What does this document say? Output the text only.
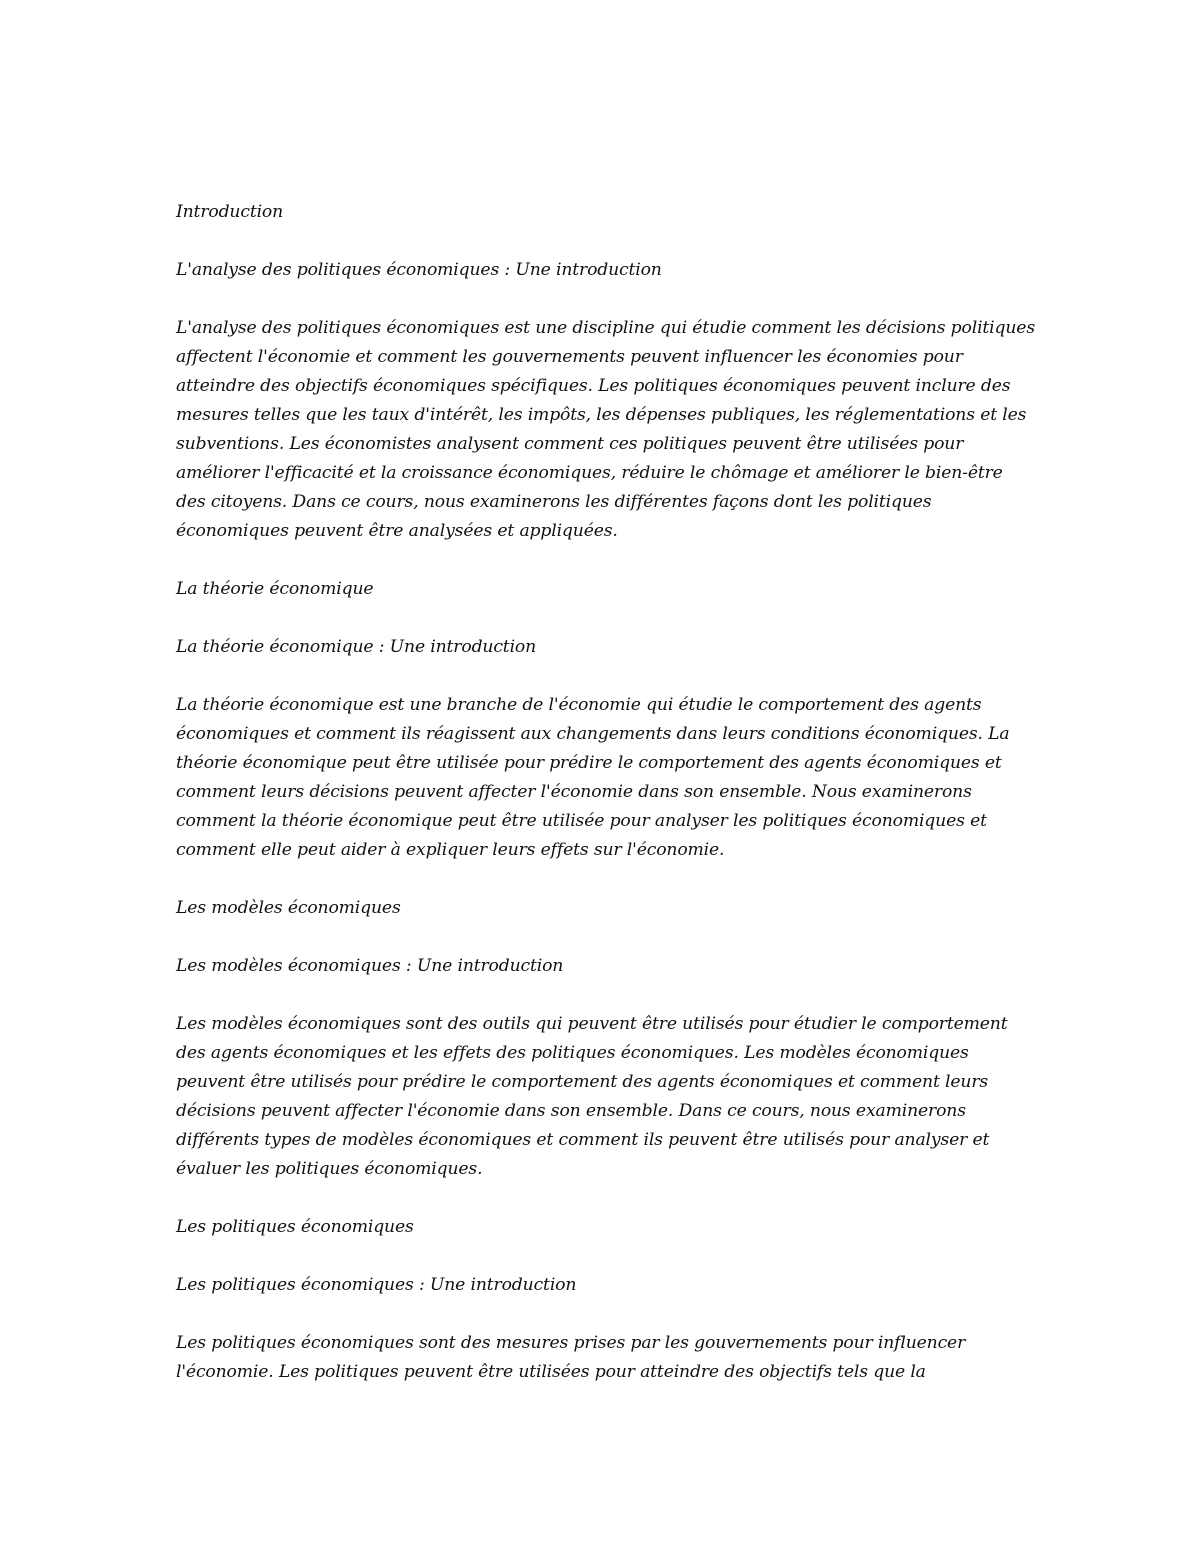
Introduction

L'analyse des politiques économiques : Une introduction

L'analyse des politiques économiques est une discipline qui étudie comment les décisions politiques affectent l'économie et comment les gouvernements peuvent influencer les économies pour atteindre des objectifs économiques spécifiques. Les politiques économiques peuvent inclure des mesures telles que les taux d'intérêt, les impôts, les dépenses publiques, les réglementations et les subventions. Les économistes analysent comment ces politiques peuvent être utilisées pour améliorer l'efficacité et la croissance économiques, réduire le chômage et améliorer le bien-être des citoyens. Dans ce cours, nous examinerons les différentes façons dont les politiques économiques peuvent être analysées et appliquées.

La théorie économique

La théorie économique : Une introduction

La théorie économique est une branche de l'économie qui étudie le comportement des agents économiques et comment ils réagissent aux changements dans leurs conditions économiques. La théorie économique peut être utilisée pour prédire le comportement des agents économiques et comment leurs décisions peuvent affecter l'économie dans son ensemble. Nous examinerons comment la théorie économique peut être utilisée pour analyser les politiques économiques et comment elle peut aider à expliquer leurs effets sur l'économie.

Les modèles économiques

Les modèles économiques : Une introduction

Les modèles économiques sont des outils qui peuvent être utilisés pour étudier le comportement des agents économiques et les effets des politiques économiques. Les modèles économiques peuvent être utilisés pour prédire le comportement des agents économiques et comment leurs décisions peuvent affecter l'économie dans son ensemble. Dans ce cours, nous examinerons différents types de modèles économiques et comment ils peuvent être utilisés pour analyser et évaluer les politiques économiques.

Les politiques économiques

Les politiques économiques : Une introduction

Les politiques économiques sont des mesures prises par les gouvernements pour influencer l'économie. Les politiques peuvent être utilisées pour atteindre des objectifs tels que la
